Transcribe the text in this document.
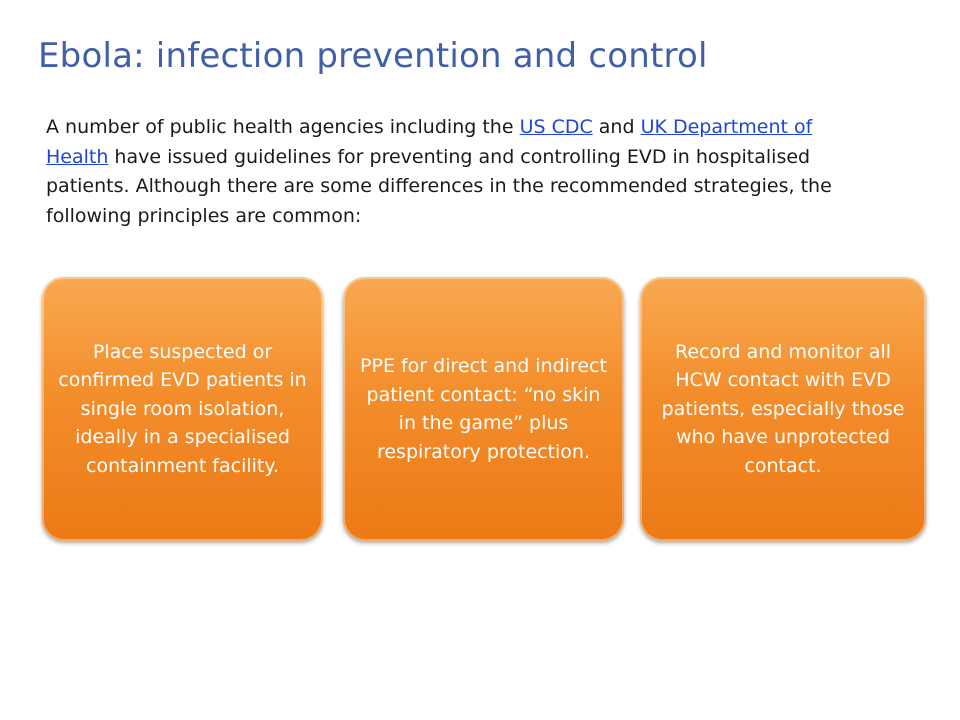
Ebola: infection prevention and control

A number of public health agencies including the US CDC and UK Department of Health have issued guidelines for preventing and controlling EVD in hospitalised patients. Although there are some differences in the recommended strategies, the following principles are common:

Place suspected or confirmed EVD patients in single room isolation, ideally in a specialised containment facility.

PPE for direct and indirect patient contact: “no skin in the game” plus respiratory protection.

Record and monitor all HCW contact with EVD patients, especially those who have unprotected contact.
